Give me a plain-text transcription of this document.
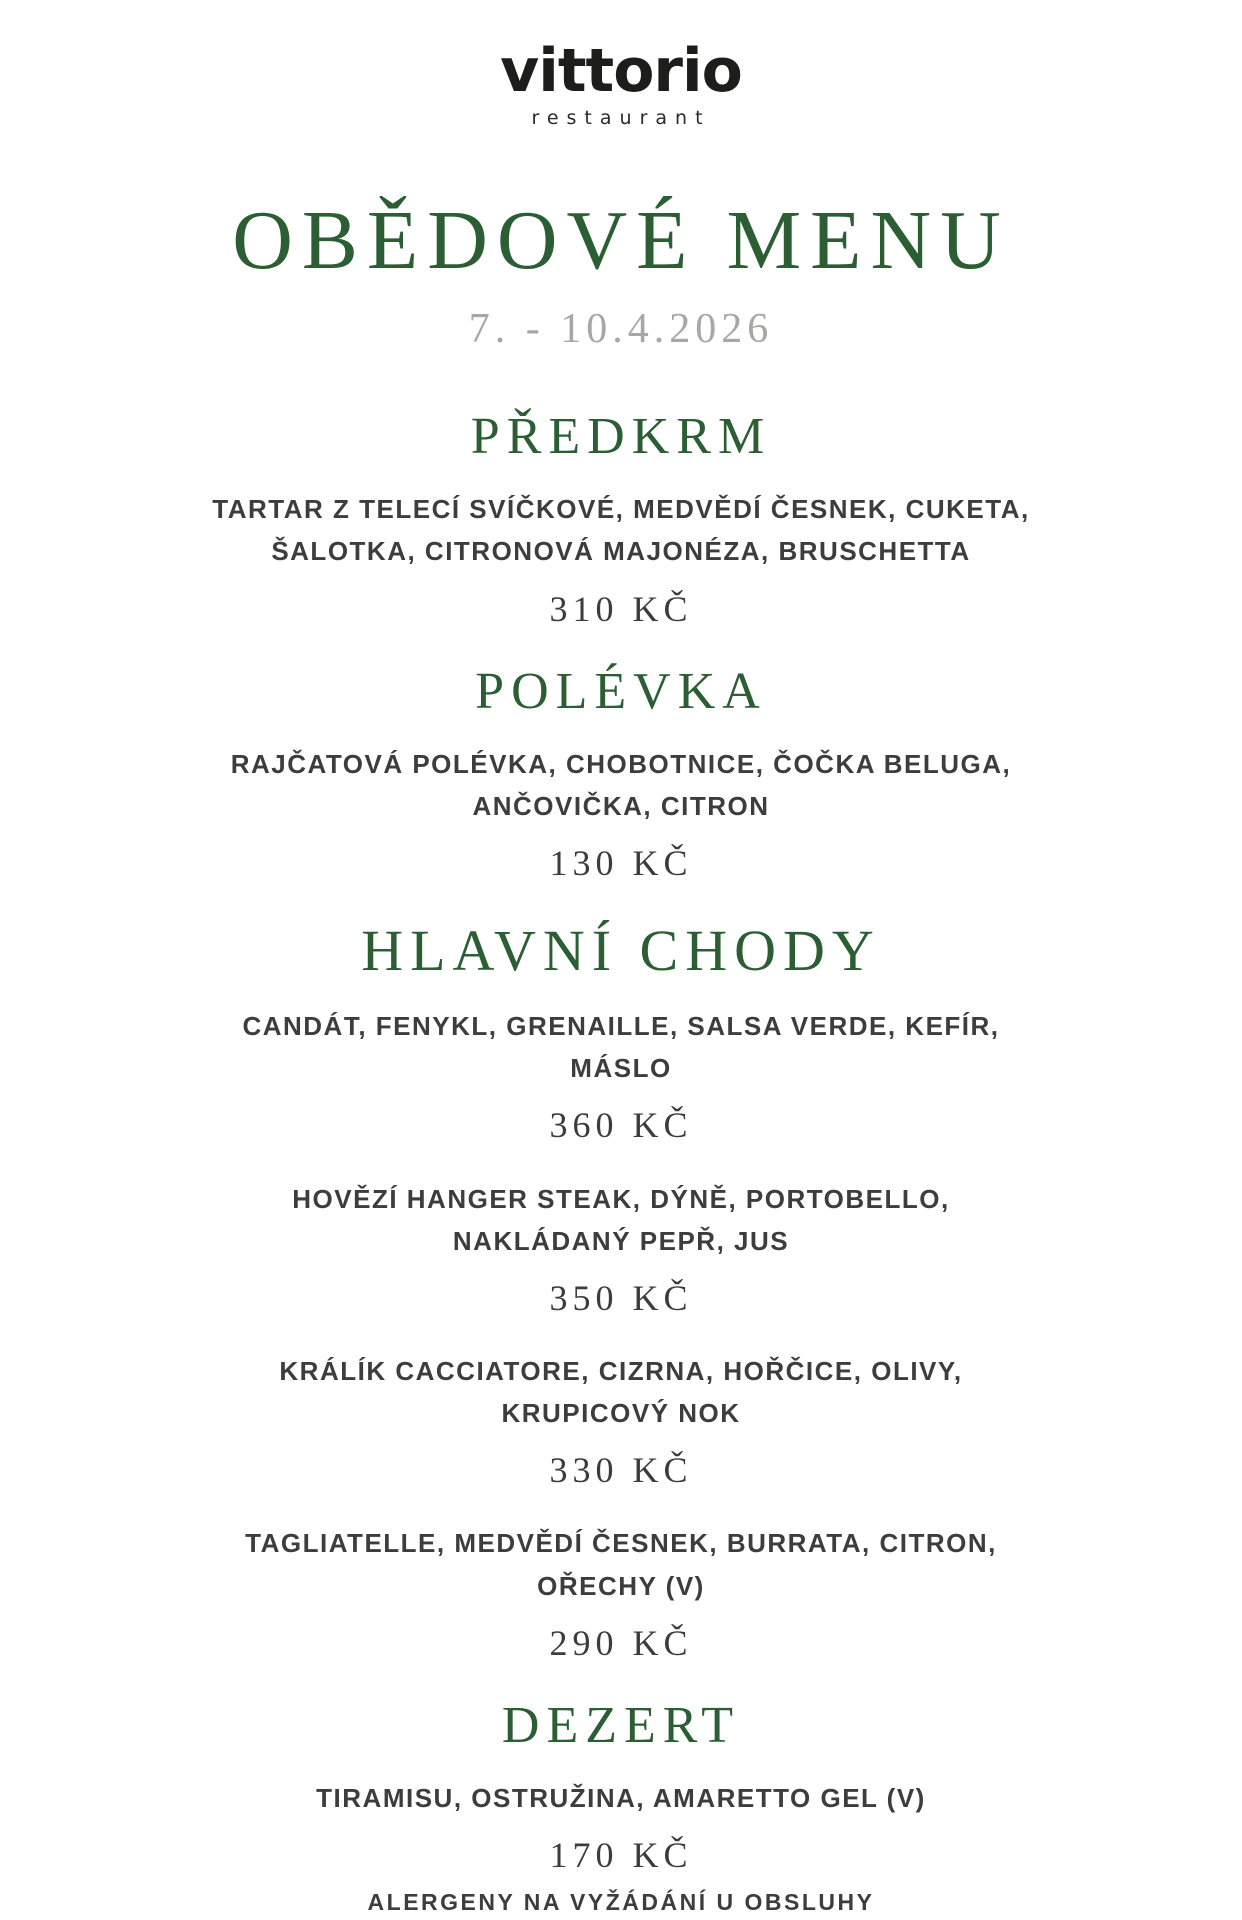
vittorio
restaurant
OBĚDOVÉ MENU
7. - 10.4.2026
PŘEDKRM

TARTAR Z TELECÍ SVÍČKOVÉ, MEDVĚDÍ ČESNEK, CUKETA, ŠALOTKA, CITRONOVÁ MAJONÉZA, BRUSCHETTA

310 KČ

POLÉVKA

RAJČATOVÁ POLÉVKA, CHOBOTNICE, ČOČKA BELUGA, ANČOVIČKA, CITRON

130 KČ

HLAVNÍ CHODY

CANDÁT, FENYKL, GRENAILLE, SALSA VERDE, KEFÍR, MÁSLO

360 KČ

HOVĚZÍ HANGER STEAK, DÝNĚ, PORTOBELLO, NAKLÁDANÝ PEPŘ, JUS

350 KČ

KRÁLÍK CACCIATORE, CIZRNA, HOŘČICE, OLIVY, KRUPICOVÝ NOK

330 KČ

TAGLIATELLE, MEDVĚDÍ ČESNEK, BURRATA, CITRON, OŘECHY (V)

290 KČ

DEZERT

TIRAMISU, OSTRUŽINA, AMARETTO GEL (V)

170 KČ

ALERGENY NA VYŽÁDÁNÍ U OBSLUHY
